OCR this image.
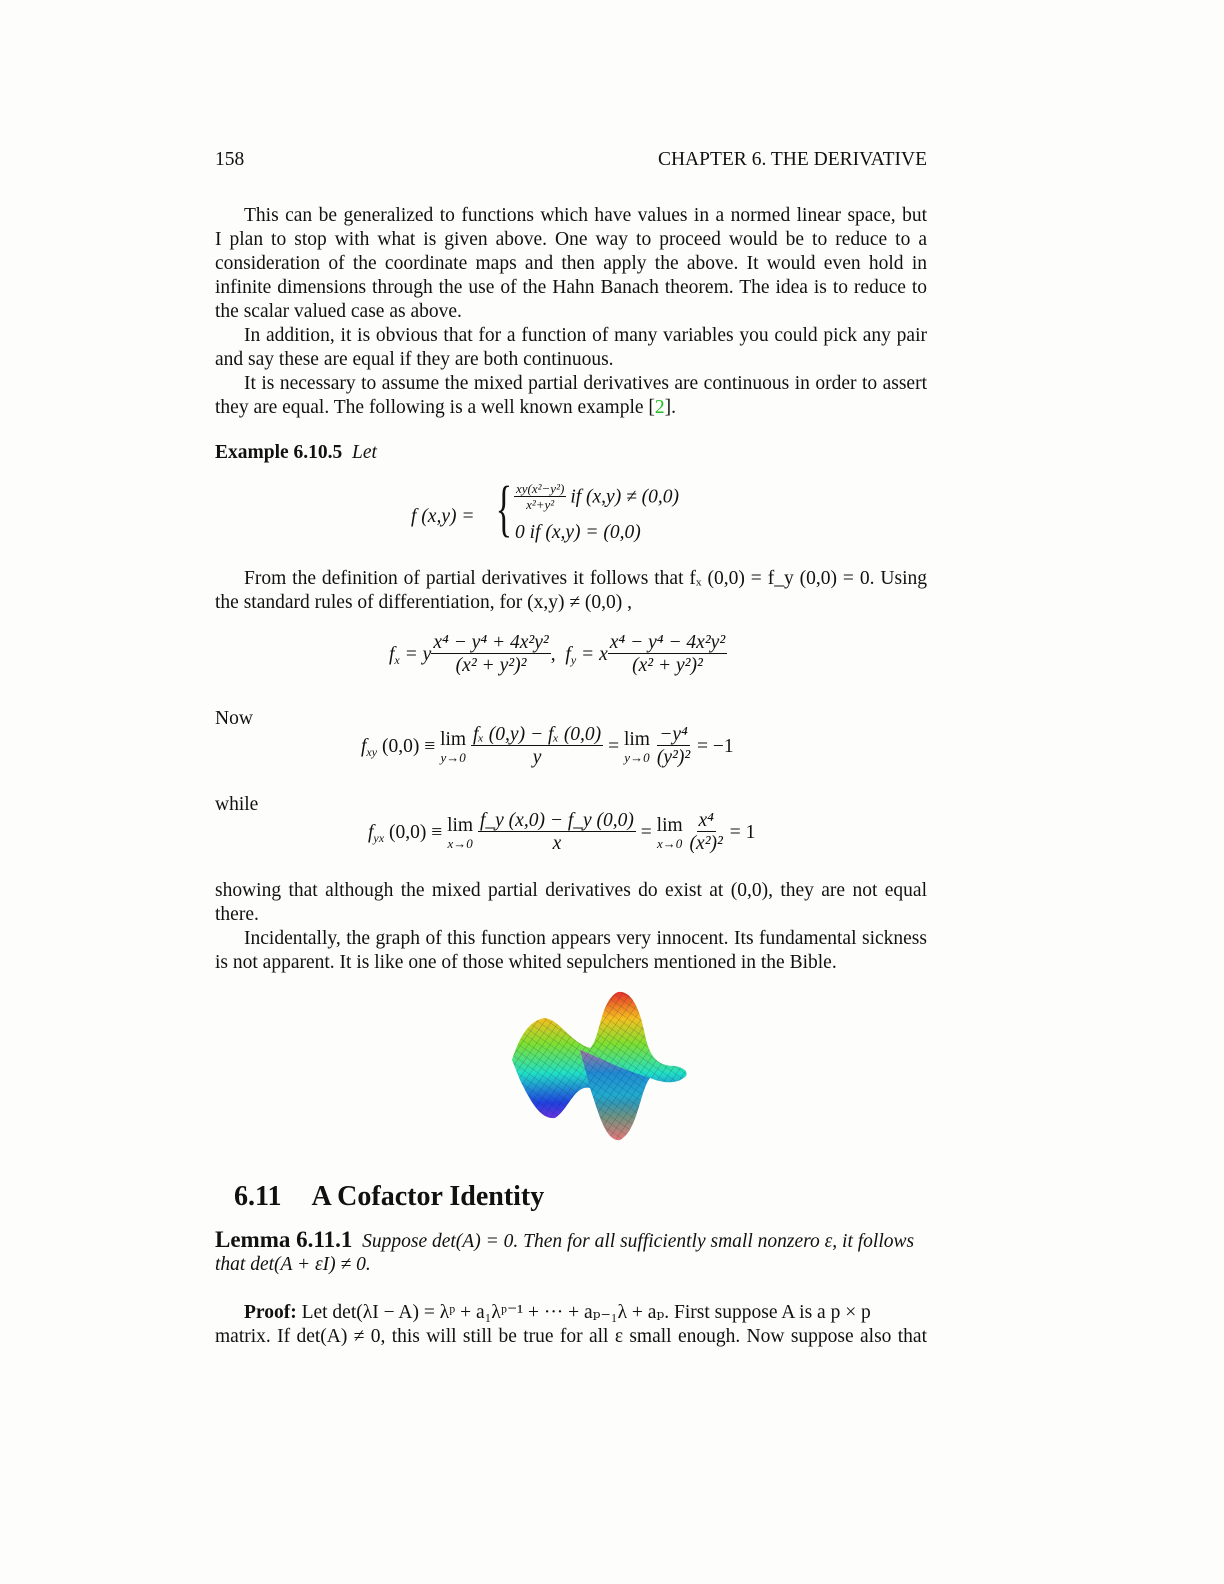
158	CHAPTER 6. THE DERIVATIVE
This can be generalized to functions which have values in a normed linear space, but
I plan to stop with what is given above. One way to proceed would be to reduce to a
consideration of the coordinate maps and then apply the above. It would even hold in
infinite dimensions through the use of the Hahn Banach theorem. The idea is to reduce to
the scalar valued case as above.
In addition, it is obvious that for a function of many variables you could pick any pair
and say these are equal if they are both continuous.
It is necessary to assume the mixed partial derivatives are continuous in order to assert
they are equal. The following is a well known example [2].
Example 6.10.5 Let
f (x,y) = { $\frac{\text{xy(x²−y²)}}{\text{x²+y²}}$ if (x,y) ≠ (0,0)
0 if (x,y) = (0,0)
From the definition of partial derivatives it follows that fₓ (0,0) = f_y (0,0) = 0. Using
the standard rules of differentiation, for (x,y) ≠ (0,0) ,
$f_x = y \frac{\text{x⁴ − y⁴ + 4x²y²}}{\text{(x² + y²)²}}$ ,  $f_y = x \frac{\text{x⁴ − y⁴ − 4x²y²}}{\text{(x² + y²)²}}$
Now
$f_{xy}$ (0,0) ≡ lim
y→0
$\frac{\text{fₓ (0,y) − fₓ (0,0)}}{y} = \lim$
y→0
$\frac{\text{−y⁴}}{\text{(y²)²}} = -1$
while
$f_{yx}$ (0,0) ≡ lim
x→0
$\frac{f\_y (x,0) - f\_y (0,0)}{x} = \lim$
x→0
$\frac{\text{x⁴}}{\text{(x²)²}} = 1$
showing that although the mixed partial derivatives do exist at (0,0), they are not equal
there.
Incidentally, the graph of this function appears very innocent. Its fundamental sickness
is not apparent. It is like one of those whited sepulchers mentioned in the Bible.
6.11 A Cofactor Identity
Lemma 6.11.1 Suppose det(A) = 0. Then for all sufficiently small nonzero ε, it follows
that det(A + εI) ≠ 0.
Proof: Let det(λI − A) = λᵖ + a₁λᵖ⁻¹ + ··· + aₚ₋₁λ + aₚ. First suppose A is a p × p
matrix. If det(A) ≠ 0, this will still be true for all ε small enough. Now suppose also that
